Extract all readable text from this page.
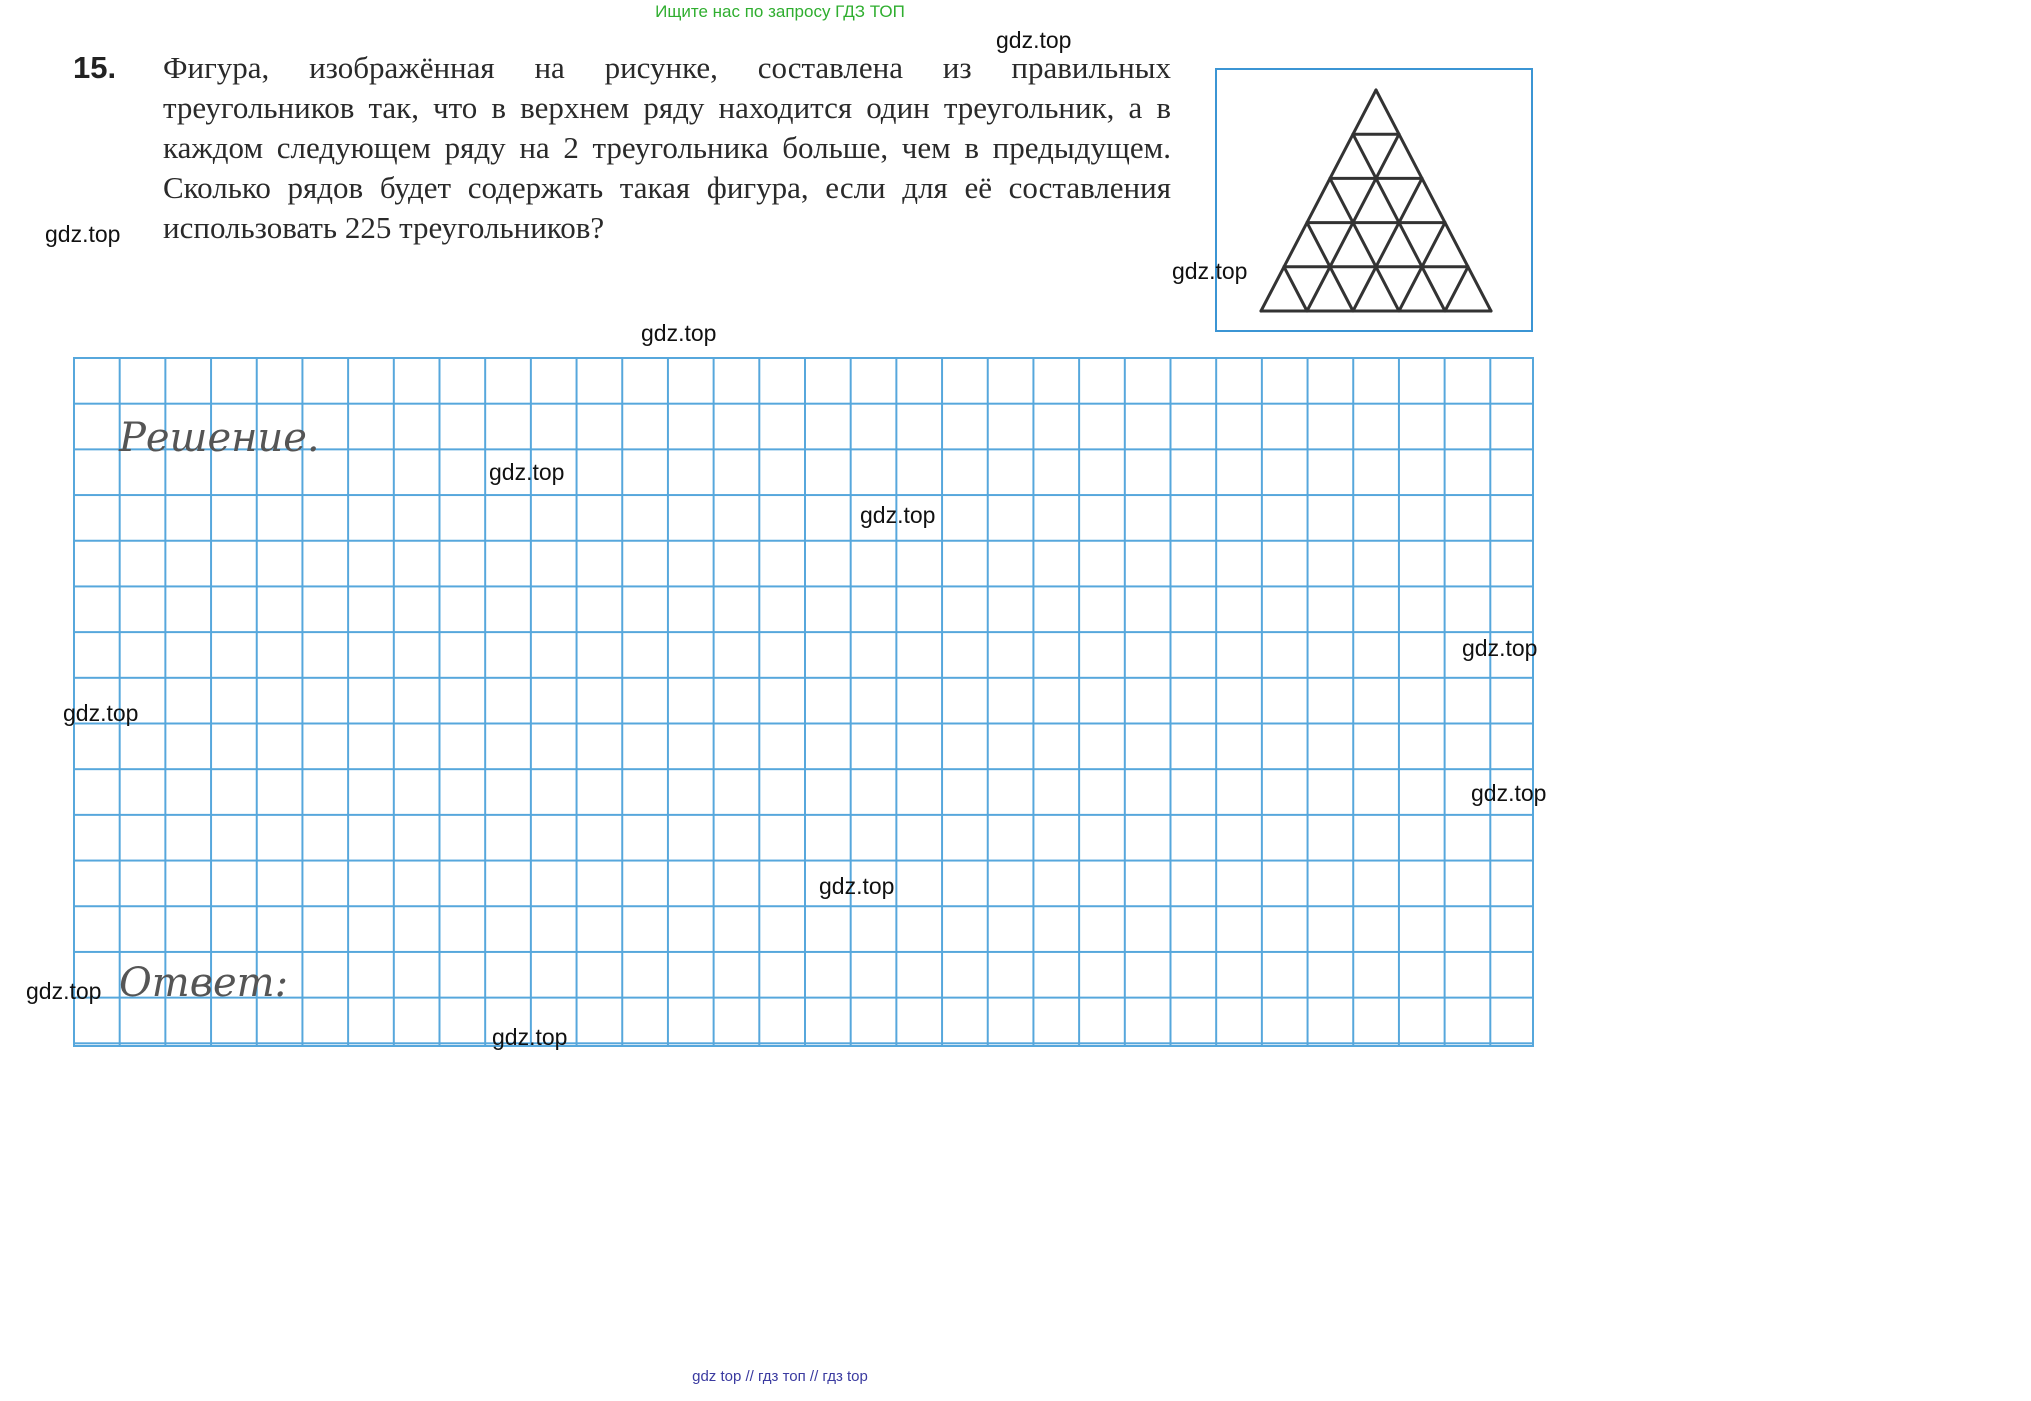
Ищите нас по запросу ГДЗ ТОП
15. Фигура, изображённая на рисунке, составлена из правильных треугольников так, что в верхнем ряду находится один треугольник, а в каждом следующем ряду на 2 треугольника больше, чем в предыдущем. Сколько рядов будет содержать такая фигура, если для её составления использовать 225 треугольников?
Решение.
Ответ:
gdz.top
gdz.top
gdz.top
gdz.top
gdz.top
gdz.top
gdz.top
gdz.top
gdz.top
gdz.top
gdz.top
gdz.top
gdz top // гдз топ // гдз top
